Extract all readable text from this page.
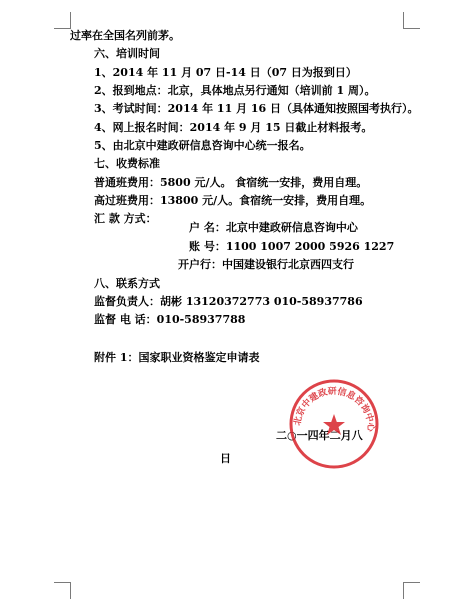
过率在全国名列前茅。
六、培训时间
1、2014 年 11 月 07 日-14 日（07 日为报到日）
2、报到地点：北京，具体地点另行通知（培训前 1 周）。
3、考试时间：2014 年 11 月 16 日（具体通知按照国考执行）。
4、网上报名时间：2014 年 9 月 15 日截止材料报考。
5、由北京中建政研信息咨询中心统一报名。
七、收费标准
普通班费用：5800 元/人。 食宿统一安排，费用自理。
高过班费用：13800 元/人。食宿统一安排，费用自理。
汇 款 方式：
户 名：北京中建政研信息咨询中心
账 号：1100 1007 2000 5926 1227
开户行：中国建设银行北京西四支行
八、联系方式
监督负责人：胡彬 13120372773 010-58937786
监督 电 话：010-58937788
附件 1：国家职业资格鉴定申请表
二○一四年二月八
日
北京中建政研信息咨询中心
